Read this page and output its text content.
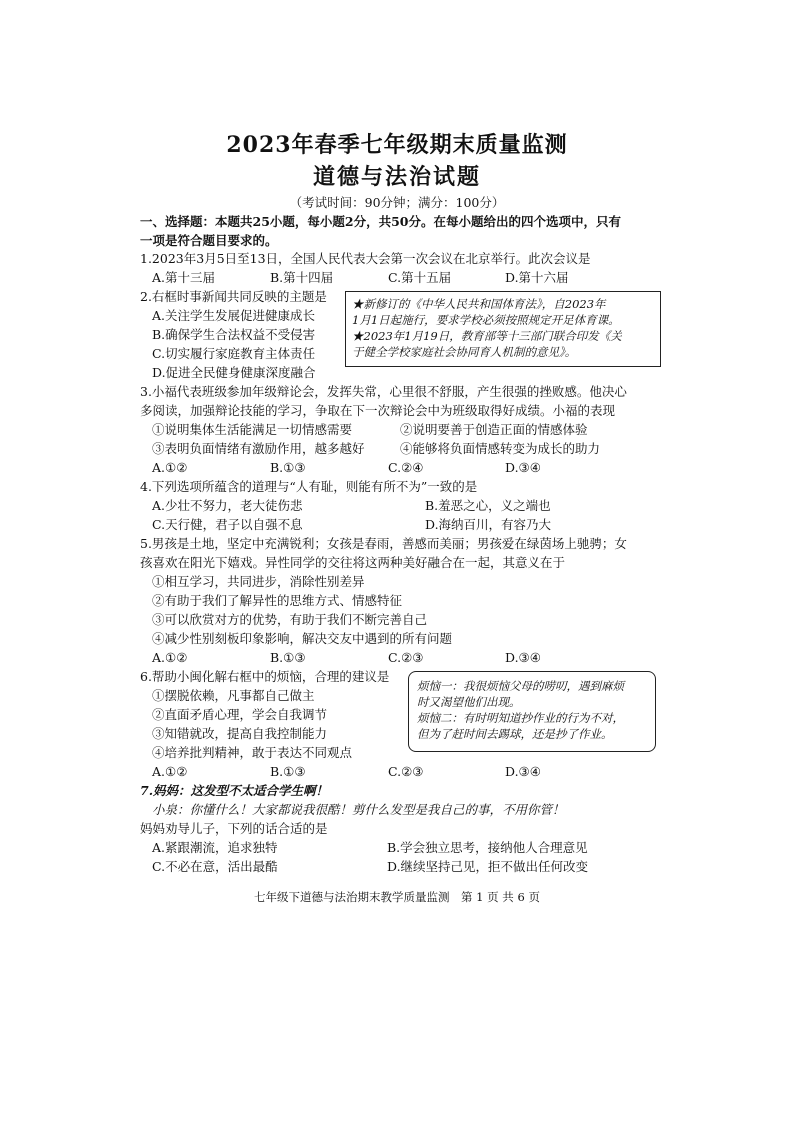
2023年春季七年级期末质量监测
道德与法治试题
（考试时间：90分钟；满分：100分）
一、选择题：本题共25小题，每小题2分，共50分。在每小题给出的四个选项中，只有
一项是符合题目要求的。
1.2023年3月5日至13日，全国人民代表大会第一次会议在北京举行。此次会议是
A.第十三届	B.第十四届	C.第十五届	D.第十六届
2.右框时事新闻共同反映的主题是
A.关注学生发展促进健康成长
B.确保学生合法权益不受侵害
C.切实履行家庭教育主体责任
D.促进全民健身健康深度融合

★新修订的《中华人民共和国体育法》，自2023年

1月1日起施行，要求学校必须按照规定开足体育课。

★2023年1月19日，教育部等十三部门联合印发《关

于健全学校家庭社会协同育人机制的意见》。

3.小福代表班级参加年级辩论会，发挥失常，心里很不舒服，产生很强的挫败感。他决心
多阅读，加强辩论技能的学习，争取在下一次辩论会中为班级取得好成绩。小福的表现
①说明集体生活能满足一切情感需要	②说明要善于创造正面的情感体验
③表明负面情绪有激励作用，越多越好	④能够将负面情感转变为成长的助力
A.①②	B.①③	C.②④	D.③④
4.下列选项所蕴含的道理与“人有耻，则能有所不为”一致的是
A.少壮不努力，老大徒伤悲	B.羞恶之心，义之端也
C.天行健，君子以自强不息	D.海纳百川，有容乃大
5.男孩是土地，坚定中充满锐利；女孩是春雨，善感而美丽；男孩爱在绿茵场上驰骋；女
孩喜欢在阳光下嬉戏。异性同学的交往将这两种美好融合在一起，其意义在于
①相互学习，共同进步，消除性别差异
②有助于我们了解异性的思维方式、情感特征
③可以欣赏对方的优势，有助于我们不断完善自己
④减少性别刻板印象影响，解决交友中遇到的所有问题
A.①②	B.①③	C.②③	D.③④
6.帮助小闽化解右框中的烦恼，合理的建议是
①摆脱依赖，凡事都自己做主
②直面矛盾心理，学会自我调节
③知错就改，提高自我控制能力
④培养批判精神，敢于表达不同观点
A.①②	B.①③	C.②③	D.③④

烦恼一：我很烦恼父母的唠叨，遇到麻烦

时又渴望他们出现。

烦恼二：有时明知道抄作业的行为不对，

但为了赶时间去踢球，还是抄了作业。

7.妈妈：这发型不太适合学生啊！
小泉：你懂什么！大家都说我很酷！剪什么发型是我自己的事，不用你管！
妈妈劝导儿子，下列的话合适的是
A.紧跟潮流，追求独特	B.学会独立思考，接纳他人合理意见
C.不必在意，活出最酷	D.继续坚持己见，拒不做出任何改变
七年级下道德与法治期末教学质量监测　第 1 页 共 6 页
